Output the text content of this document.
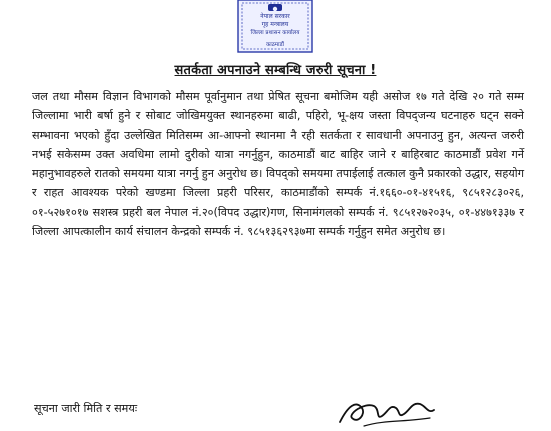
नेपाल सरकार
गृह मन्त्रालय
जिल्ला प्रशासन कार्यालय
काठमाडौं
सतर्कता अपनाउने सम्बन्धि जरुरी सूचना !
जल तथा मौसम विज्ञान विभागको मौसम पूर्वानुमान तथा प्रेषित सूचना बमोजिम यही असोज १७ गते देखि २० गते सम्म जिल्लामा भारी बर्षा हुने र सोबाट जोखिमयुक्त स्थानहरुमा बाढी, पहिरो, भू-क्षय जस्ता विपद्जन्य घटनाहरु घट्न सक्ने सम्भावना भएको हुँदा उल्लेखित मितिसम्म आ-आफ्नो स्थानमा नै रही सतर्कता र सावधानी अपनाउनु हुन, अत्यन्त जरुरी नभई सकेसम्म उक्त अवधिमा लामो दुरीको यात्रा नगर्नुहुन, काठमाडौं बाट बाहिर जाने र बाहिरबाट काठमाडौं प्रवेश गर्ने महानुभावहरुले रातको समयमा यात्रा नगर्नु हुन अनुरोध छ। विपद्को समयमा तपाईलाई तत्काल कुनै प्रकारको उद्धार, सहयोग र राहत आवश्यक परेको खण्डमा जिल्ला प्रहरी परिसर, काठमाडौंको सम्पर्क नं.१६६०-०१-४१५१६, ९८५१२८३०२६, ०१-५२७१०१७ सशस्त्र प्रहरी बल नेपाल नं.२०(विपद उद्धार)गण, सिनामंगलको सम्पर्क नं. ९८५१२७२०३५, ०१-४४७१३३७ र जिल्ला आपत्कालीन कार्य संचालन केन्द्रको सम्पर्क नं. ९८५१३६२९३७मा सम्पर्क गर्नुहुन समेत अनुरोध छ।
सूचना जारी मिति र समयः
